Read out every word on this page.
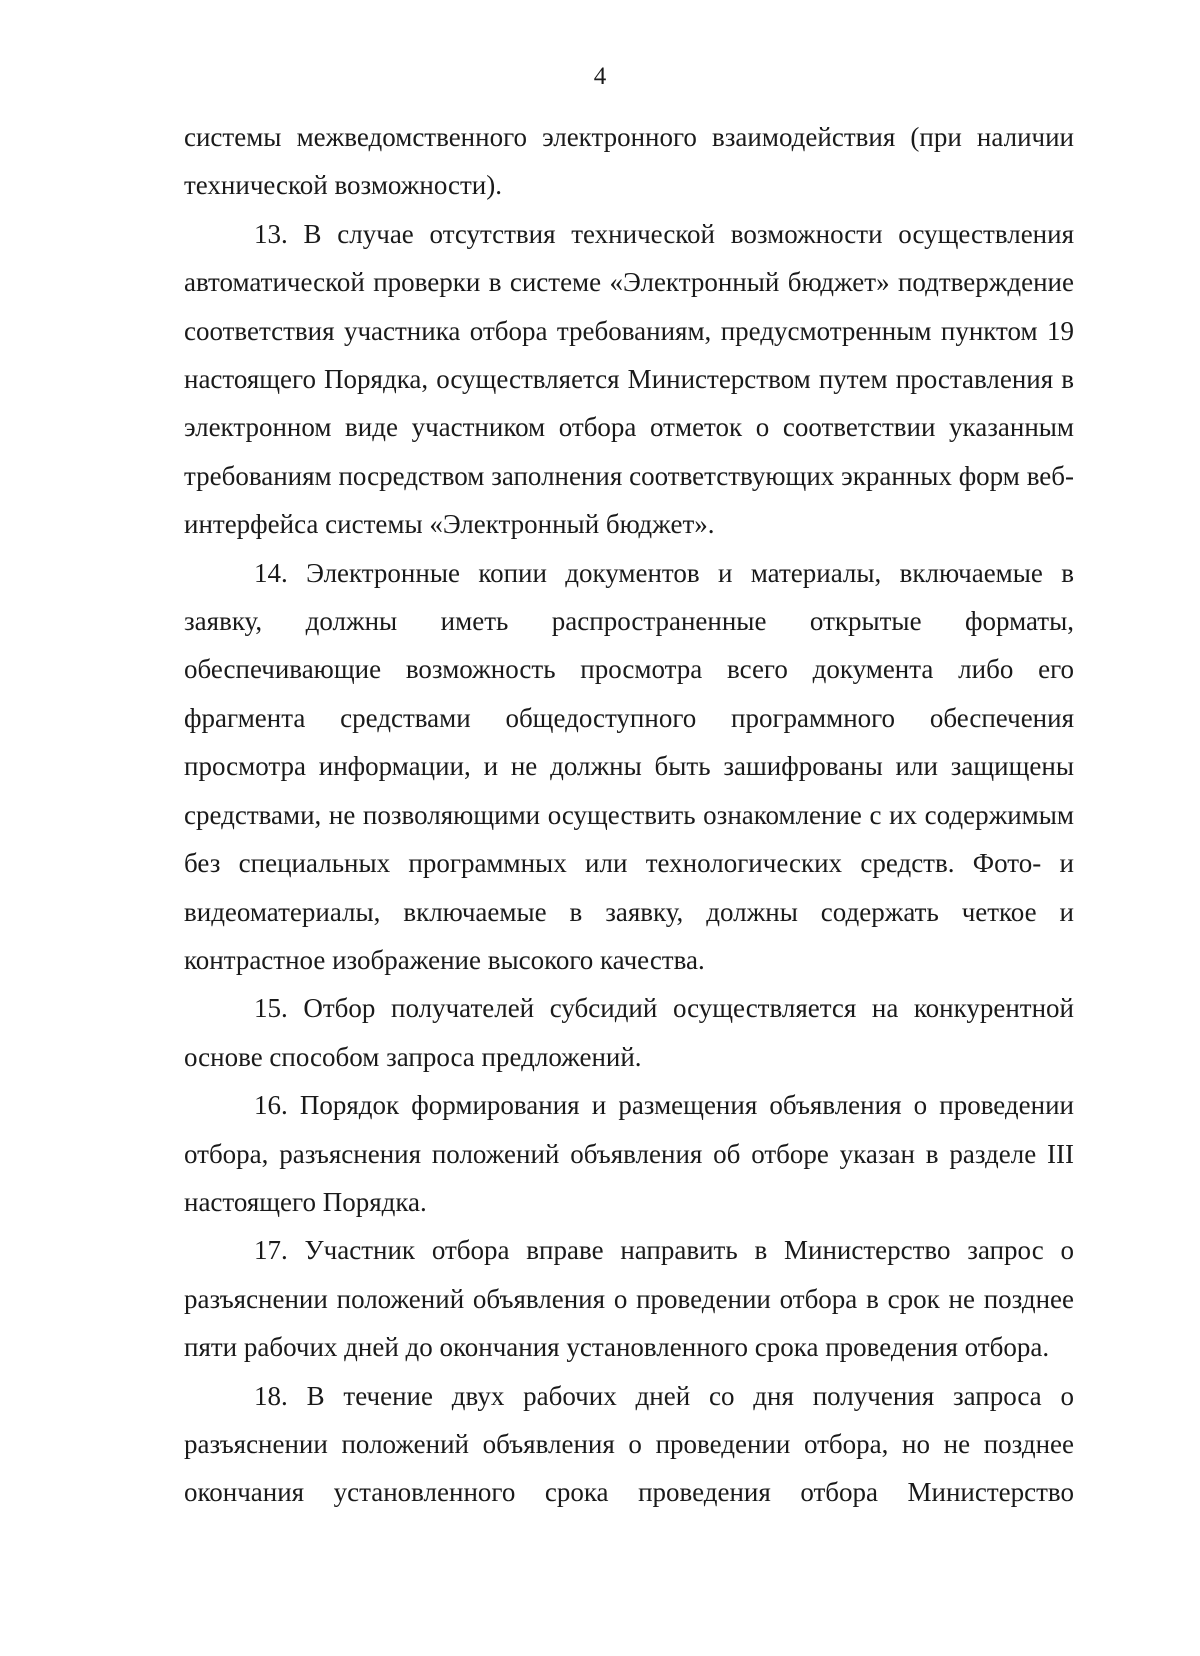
4

системы межведомственного электронного взаимодействия (при наличии технической возможности).

13. В случае отсутствия технической возможности осуществления автоматической проверки в системе «Электронный бюджет» подтверждение соответствия участника отбора требованиям, предусмотренным пунктом 19 настоящего Порядка, осуществляется Министерством путем проставления в электронном виде участником отбора отметок о соответствии указанным требованиям посредством заполнения соответствующих экранных форм веб-интерфейса системы «Электронный бюджет».

14. Электронные копии документов и материалы, включаемые в заявку, должны иметь распространенные открытые форматы, обеспечивающие возможность просмотра всего документа либо его фрагмента средствами общедоступного программного обеспечения просмотра информации, и не должны быть зашифрованы или защищены средствами, не позволяющими осуществить ознакомление с их содержимым без специальных программных или технологических средств. Фото- и видеоматериалы, включаемые в заявку, должны содержать четкое и контрастное изображение высокого качества.

15. Отбор получателей субсидий осуществляется на конкурентной основе способом запроса предложений.

16. Порядок формирования и размещения объявления о проведении отбора, разъяснения положений объявления об отборе указан в разделе III настоящего Порядка.

17. Участник отбора вправе направить в Министерство запрос о разъяснении положений объявления о проведении отбора в срок не позднее пяти рабочих дней до окончания установленного срока проведения отбора.

18. В течение двух рабочих дней со дня получения запроса о разъяснении положений объявления о проведении отбора, но не позднее окончания установленного срока проведения отбора Министерство
